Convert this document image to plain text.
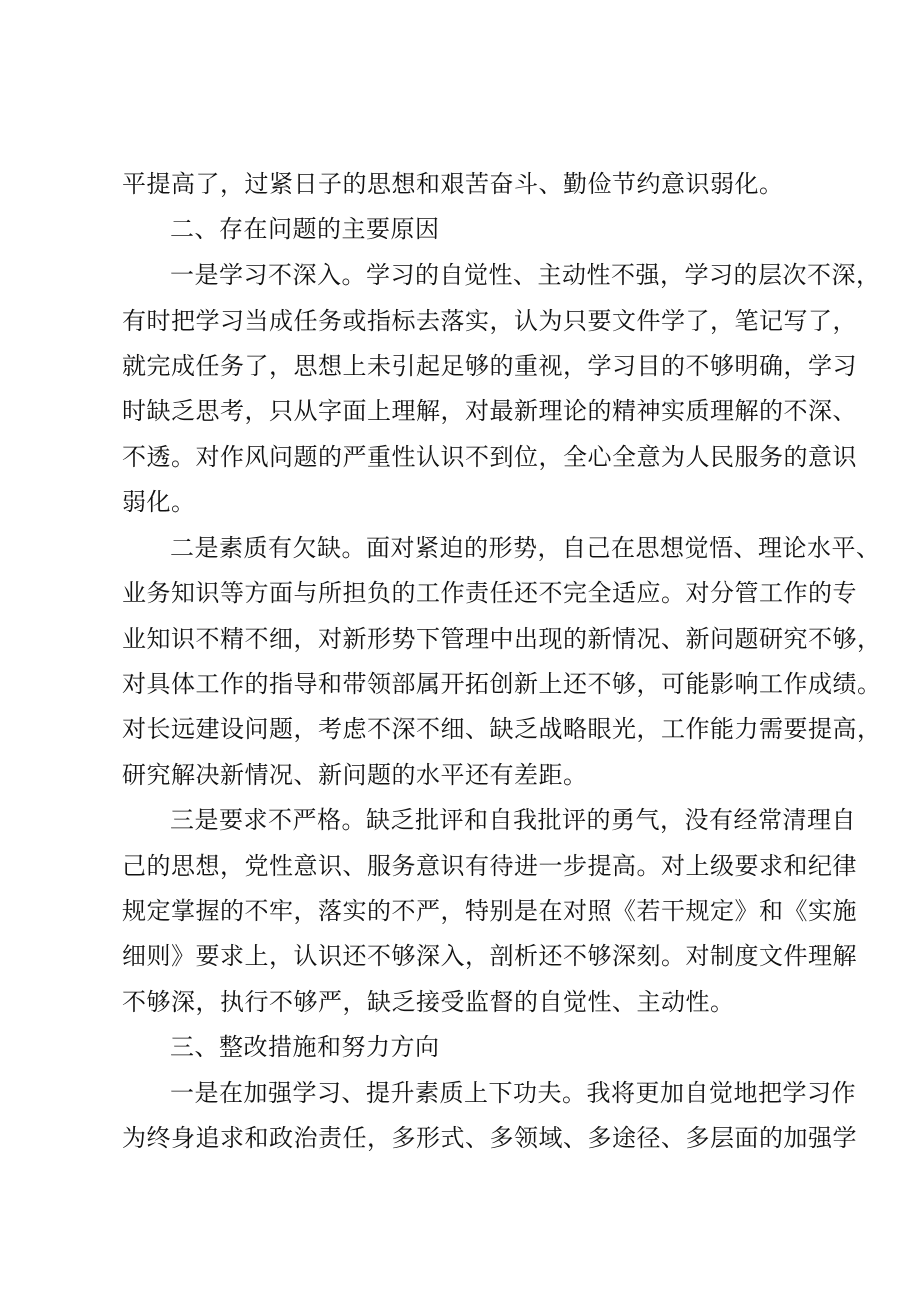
平提高了，过紧日子的思想和艰苦奋斗、勤俭节约意识弱化。
二、存在问题的主要原因
一是学习不深入。学习的自觉性、主动性不强，学习的层次不深，
有时把学习当成任务或指标去落实，认为只要文件学了，笔记写了，
就完成任务了，思想上未引起足够的重视，学习目的不够明确，学习
时缺乏思考，只从字面上理解，对最新理论的精神实质理解的不深、
不透。对作风问题的严重性认识不到位，全心全意为人民服务的意识
弱化。
二是素质有欠缺。面对紧迫的形势，自己在思想觉悟、理论水平、
业务知识等方面与所担负的工作责任还不完全适应。对分管工作的专
业知识不精不细，对新形势下管理中出现的新情况、新问题研究不够，
对具体工作的指导和带领部属开拓创新上还不够，可能影响工作成绩。
对长远建设问题，考虑不深不细、缺乏战略眼光，工作能力需要提高，
研究解决新情况、新问题的水平还有差距。
三是要求不严格。缺乏批评和自我批评的勇气，没有经常清理自
己的思想，党性意识、服务意识有待进一步提高。对上级要求和纪律
规定掌握的不牢，落实的不严，特别是在对照《若干规定》和《实施
细则》要求上，认识还不够深入，剖析还不够深刻。对制度文件理解
不够深，执行不够严，缺乏接受监督的自觉性、主动性。
三、整改措施和努力方向
一是在加强学习、提升素质上下功夫。我将更加自觉地把学习作
为终身追求和政治责任，多形式、多领域、多途径、多层面的加强学
